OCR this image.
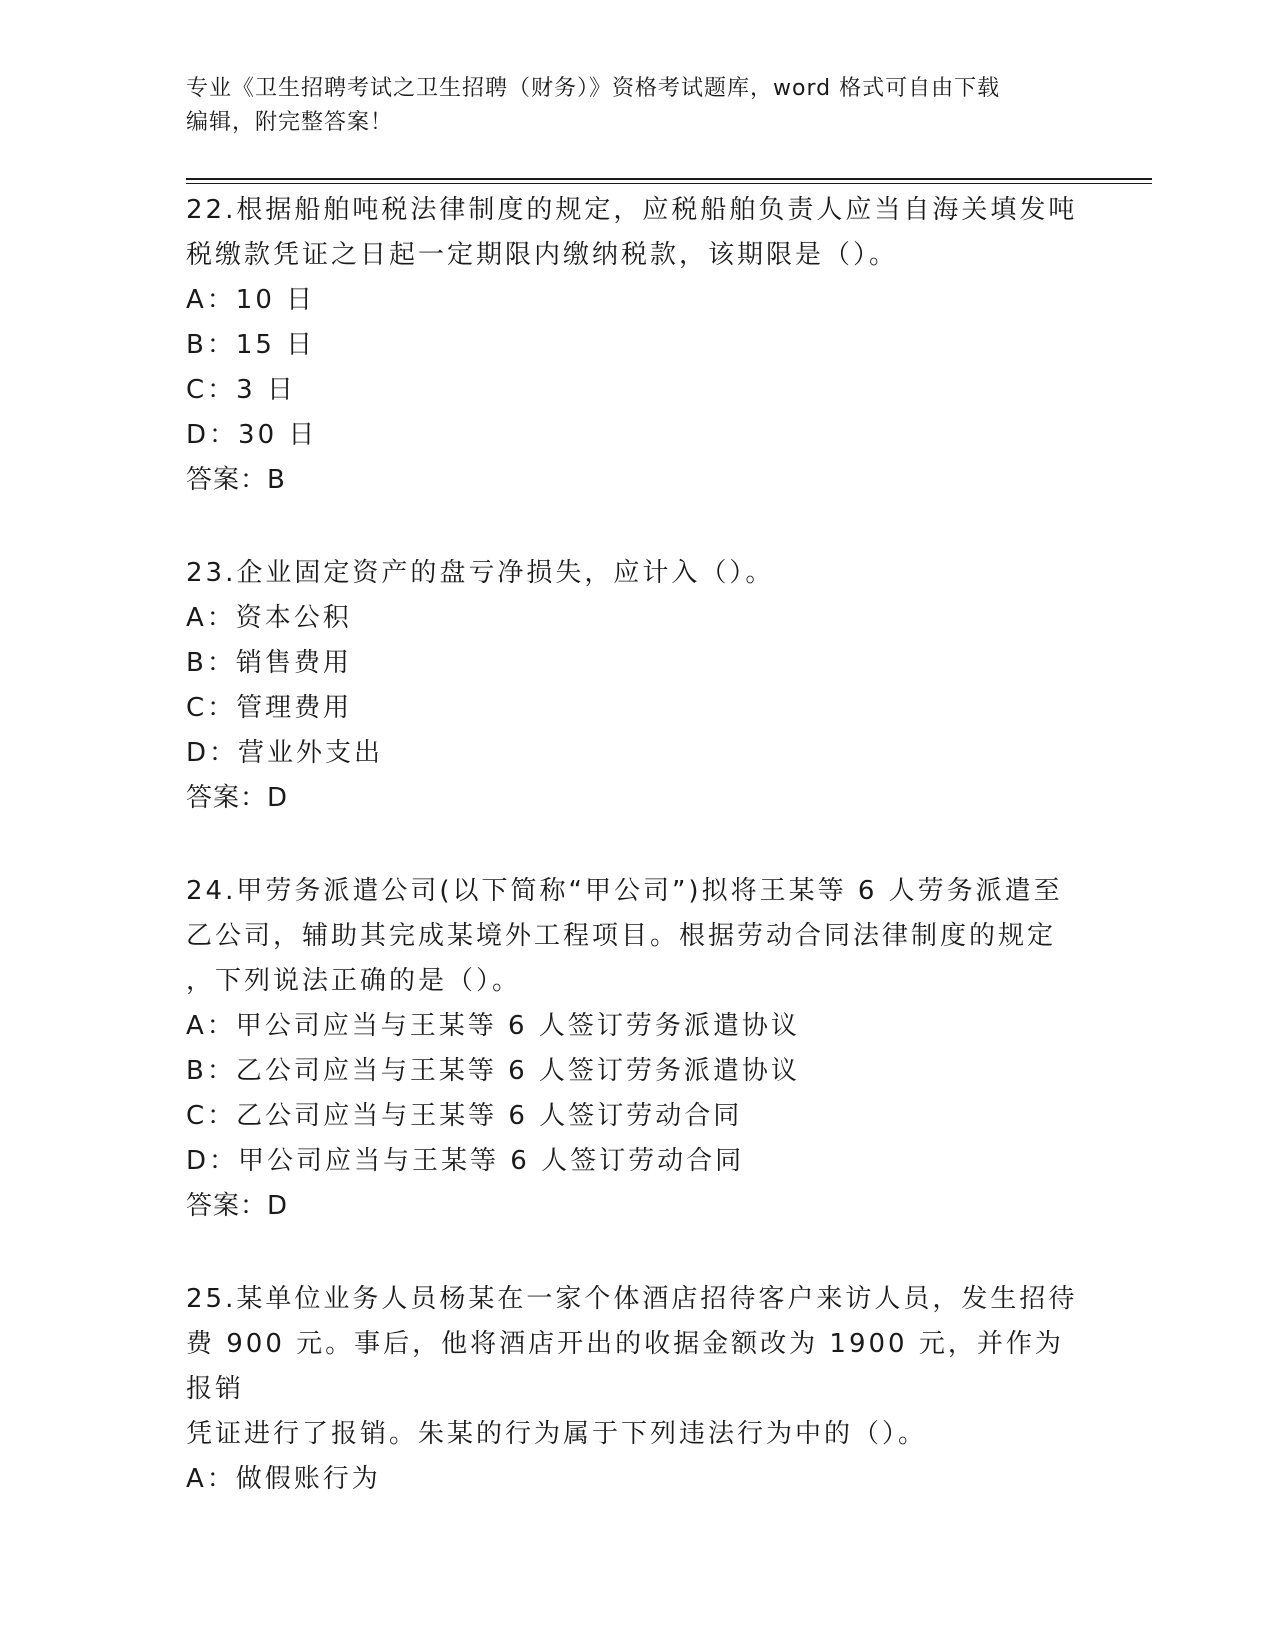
专业《卫生招聘考试之卫生招聘（财务）》资格考试题库，word 格式可自由下载
编辑，附完整答案！
22.根据船舶吨税法律制度的规定，应税船舶负责人应当自海关填发吨
税缴款凭证之日起一定期限内缴纳税款，该期限是（）。
A：10 日
B：15 日
C：3 日
D：30 日
答案：B
23.企业固定资产的盘亏净损失，应计入（）。
A：资本公积
B：销售费用
C：管理费用
D：营业外支出
答案：D
24.甲劳务派遣公司(以下简称“甲公司”)拟将王某等 6 人劳务派遣至
乙公司，辅助其完成某境外工程项目。根据劳动合同法律制度的规定
，下列说法正确的是（）。
A：甲公司应当与王某等 6 人签订劳务派遣协议
B：乙公司应当与王某等 6 人签订劳务派遣协议
C：乙公司应当与王某等 6 人签订劳动合同
D：甲公司应当与王某等 6 人签订劳动合同
答案：D
25.某单位业务人员杨某在一家个体酒店招待客户来访人员，发生招待
费 900 元。事后，他将酒店开出的收据金额改为 1900 元，并作为报销
凭证进行了报销。朱某的行为属于下列违法行为中的（）。
A：做假账行为
